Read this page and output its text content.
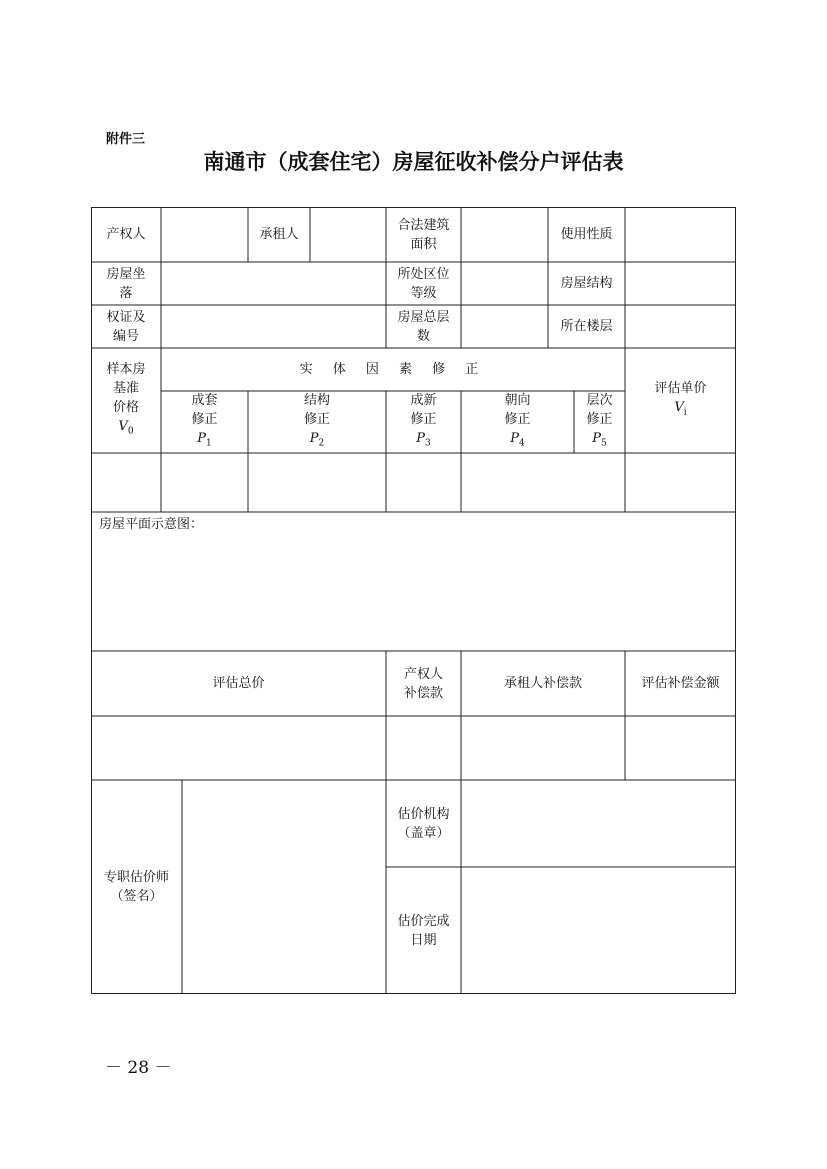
附件三
南通市（成套住宅）房屋征收补偿分户评估表
产权人	承租人
合法建筑
面积
使用性质
房屋坐
落
所处区位
等级
房屋结构
权证及
编号
房屋总层
数
所在楼层
样本房
基准
价格
$V_0$
实 体 因 素 修 正
评估单价
$V_i$
成套
修正
$P_1$
结构
修正
$P_2$
成新
修正
$P_3$
朝向
修正
$P_4$
层次
修正
$P_5$
房屋平面示意图：
评估总价
产权人
补偿款
承租人补偿款	评估补偿金额
专职估价师
（签名）
估价机构
（盖章）
估价完成
日期
－ 28 －
